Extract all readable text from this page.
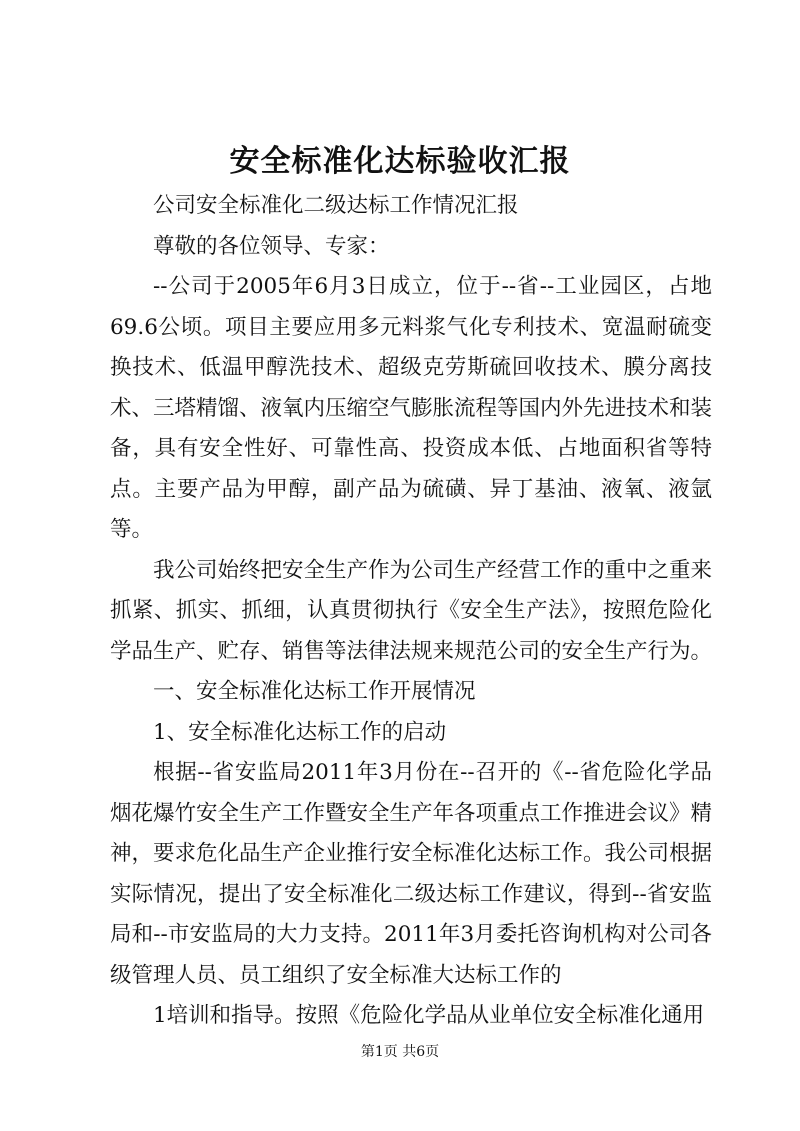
安全标准化达标验收汇报

公司安全标准化二级达标工作情况汇报

尊敬的各位领导、专家：

--公司于2005年6月3日成立，位于--省--工业园区，占地69.6公顷。项目主要应用多元料浆气化专利技术、宽温耐硫变换技术、低温甲醇洗技术、超级克劳斯硫回收技术、膜分离技术、三塔精馏、液氧内压缩空气膨胀流程等国内外先进技术和装备，具有安全性好、可靠性高、投资成本低、占地面积省等特点。主要产品为甲醇，副产品为硫磺、异丁基油、液氧、液氩等。

我公司始终把安全生产作为公司生产经营工作的重中之重来抓紧、抓实、抓细，认真贯彻执行《安全生产法》，按照危险化学品生产、贮存、销售等法律法规来规范公司的安全生产行为。

一、安全标准化达标工作开展情况

1、安全标准化达标工作的启动

根据--省安监局2011年3月份在--召开的《--省危险化学品烟花爆竹安全生产工作暨安全生产年各项重点工作推进会议》精神，要求危化品生产企业推行安全标准化达标工作。我公司根据实际情况，提出了安全标准化二级达标工作建议，得到--省安监局和--市安监局的大力支持。2011年3月委托咨询机构对公司各级管理人员、员工组织了安全标准大达标工作的

1培训和指导。按照《危险化学品从业单位安全标准化通用

第1页 共6页
